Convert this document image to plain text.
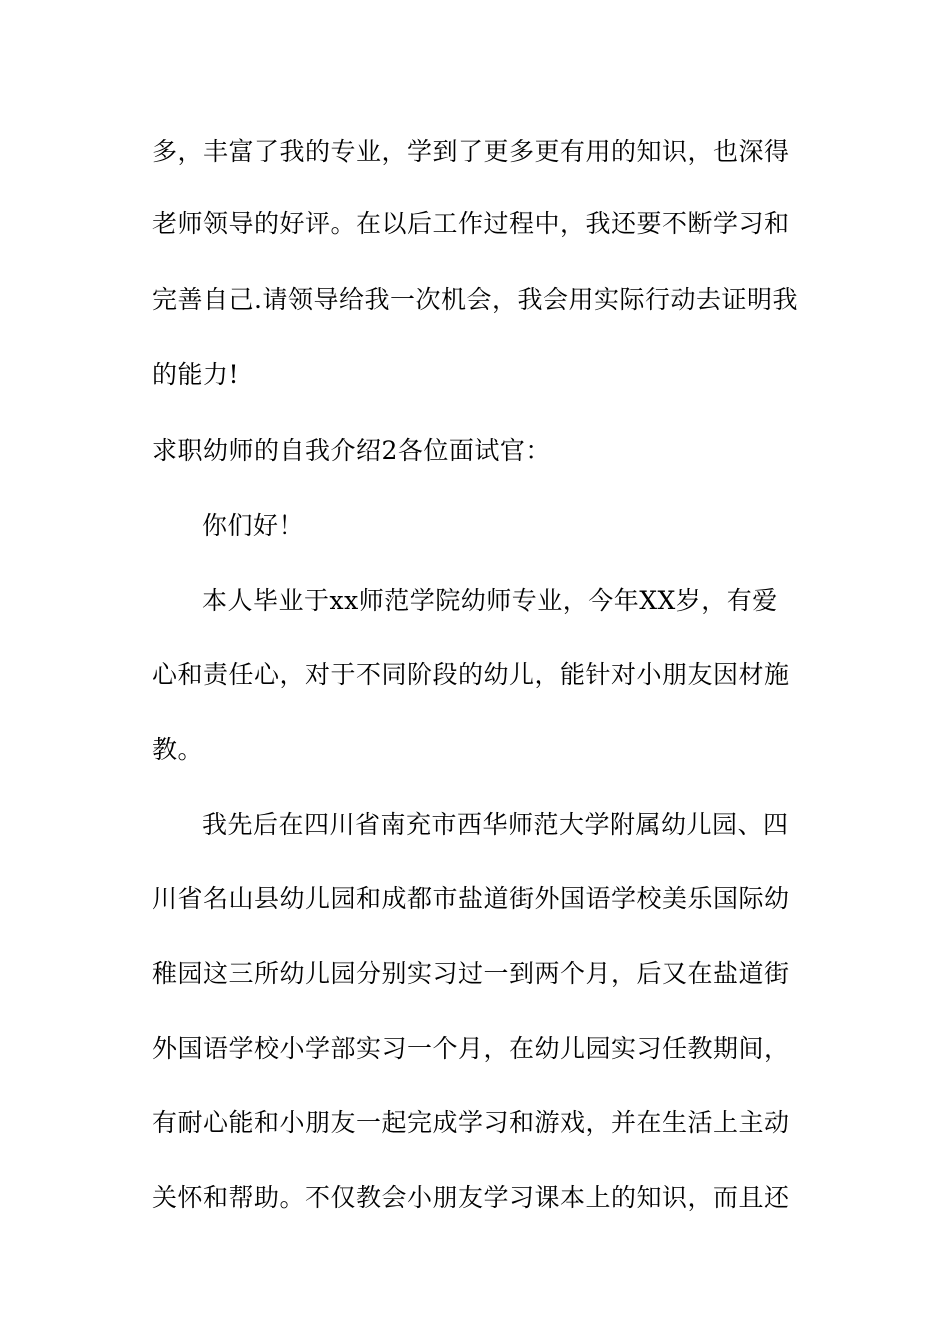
多，丰富了我的专业，学到了更多更有用的知识，也深得
老师领导的好评。在以后工作过程中，我还要不断学习和
完善自己.请领导给我一次机会，我会用实际行动去证明我
的能力!
求职幼师的自我介绍2各位面试官：
你们好！
本人毕业于xx师范学院幼师专业，今年XX岁，有爱
心和责任心，对于不同阶段的幼儿，能针对小朋友因材施
教。
我先后在四川省南充市西华师范大学附属幼儿园、四
川省名山县幼儿园和成都市盐道街外国语学校美乐国际幼
稚园这三所幼儿园分别实习过一到两个月，后又在盐道街
外国语学校小学部实习一个月，在幼儿园实习任教期间，
有耐心能和小朋友一起完成学习和游戏，并在生活上主动
关怀和帮助。不仅教会小朋友学习课本上的知识，而且还
